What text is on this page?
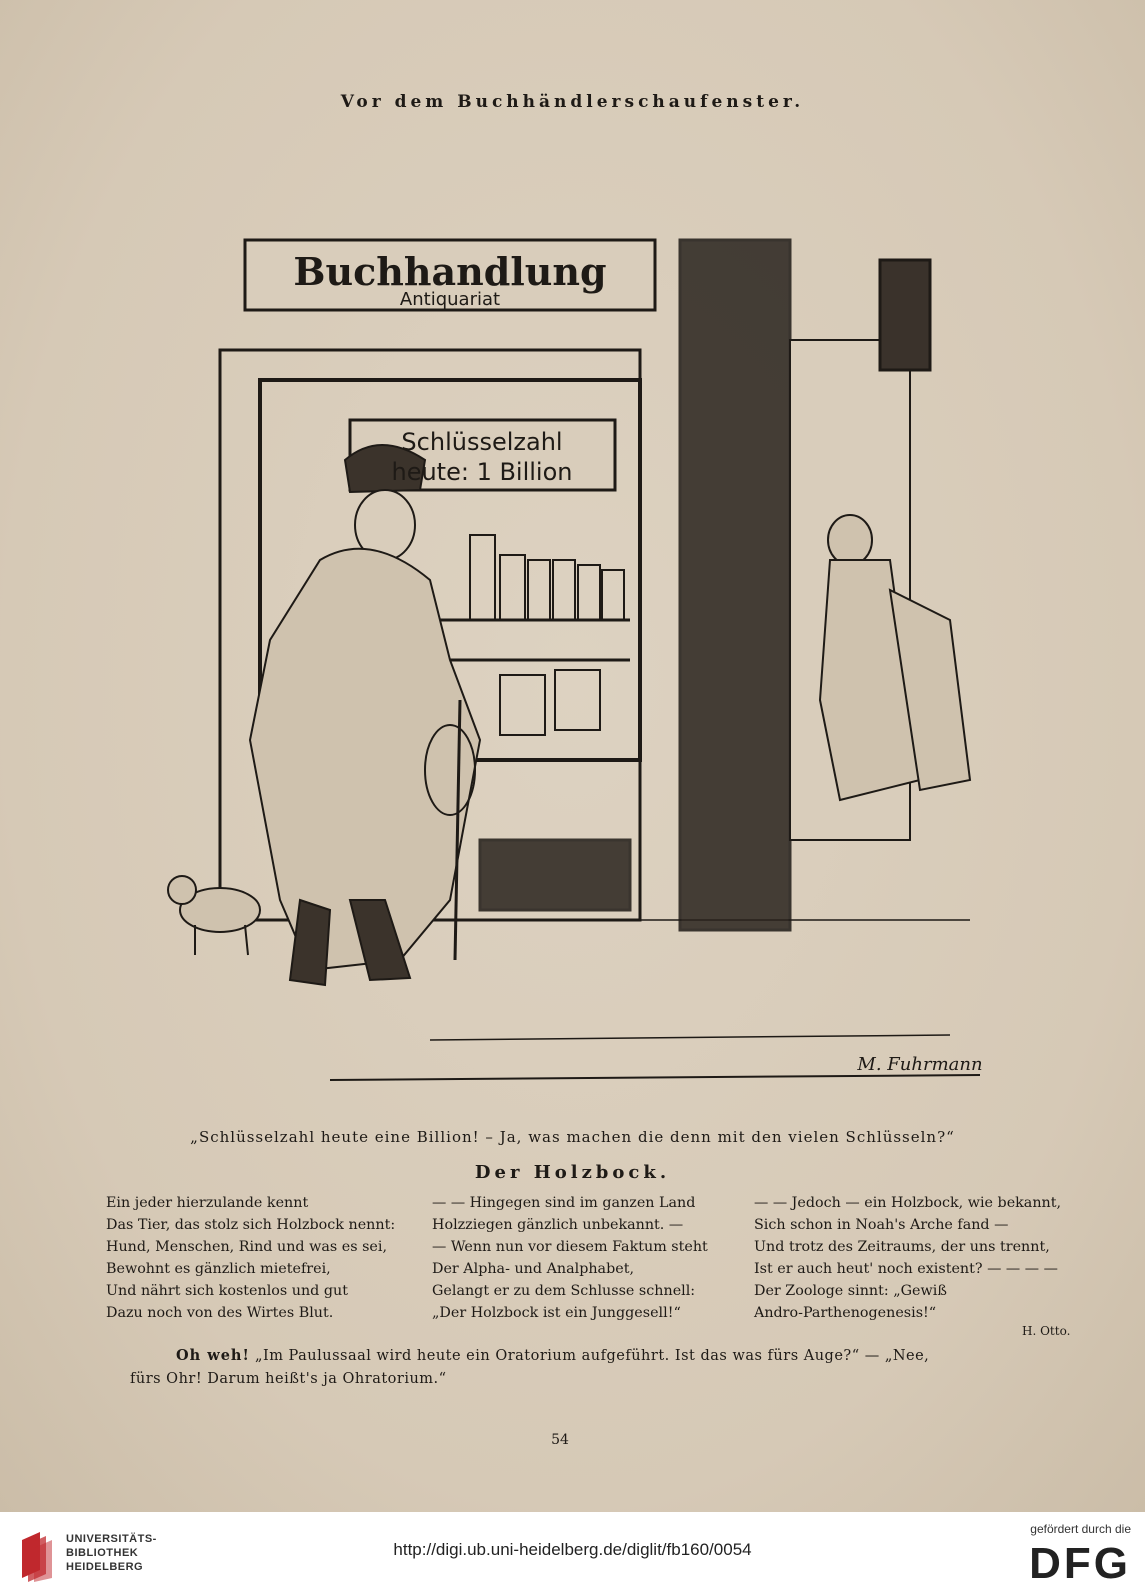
Vor dem Buchhändlerschaufenster.
Buchhandlung
Antiquariat
Schlüsselzahl
heute: 1 Billion
M. Fuhrmann
„Schlüsselzahl heute eine Billion! – Ja, was machen die denn mit den vielen Schlüsseln?“
Der Holzbock.
Ein jeder hierzulande kennt
Das Tier, das stolz sich Holzbock nennt:
Hund, Menschen, Rind und was es sei,
Bewohnt es gänzlich mietefrei,
Und nährt sich kostenlos und gut
Dazu noch von des Wirtes Blut.
— — Hingegen sind im ganzen Land
Holzziegen gänzlich unbekannt. —
— Wenn nun vor diesem Faktum steht
Der Alpha- und Analphabet,
Gelangt er zu dem Schlusse schnell:
„Der Holzbock ist ein Junggesell!“
— — Jedoch — ein Holzbock, wie bekannt,
Sich schon in Noah's Arche fand —
Und trotz des Zeitraums, der uns trennt,
Ist er auch heut' noch existent? — — — —
Der Zoologe sinnt: „Gewiß
Andro-Parthenogenesis!“
H. Otto.
Oh weh! „Im Paulussaal wird heute ein Oratorium aufgeführt. Ist das was fürs Auge?“ — „Nee,
fürs Ohr! Darum heißt's ja Ohratorium.“
54
UNIVERSITÄTS-
BIBLIOTHEK
HEIDELBERG
http://digi.ub.uni-heidelberg.de/diglit/fb160/0054
gefördert durch die
DFG
